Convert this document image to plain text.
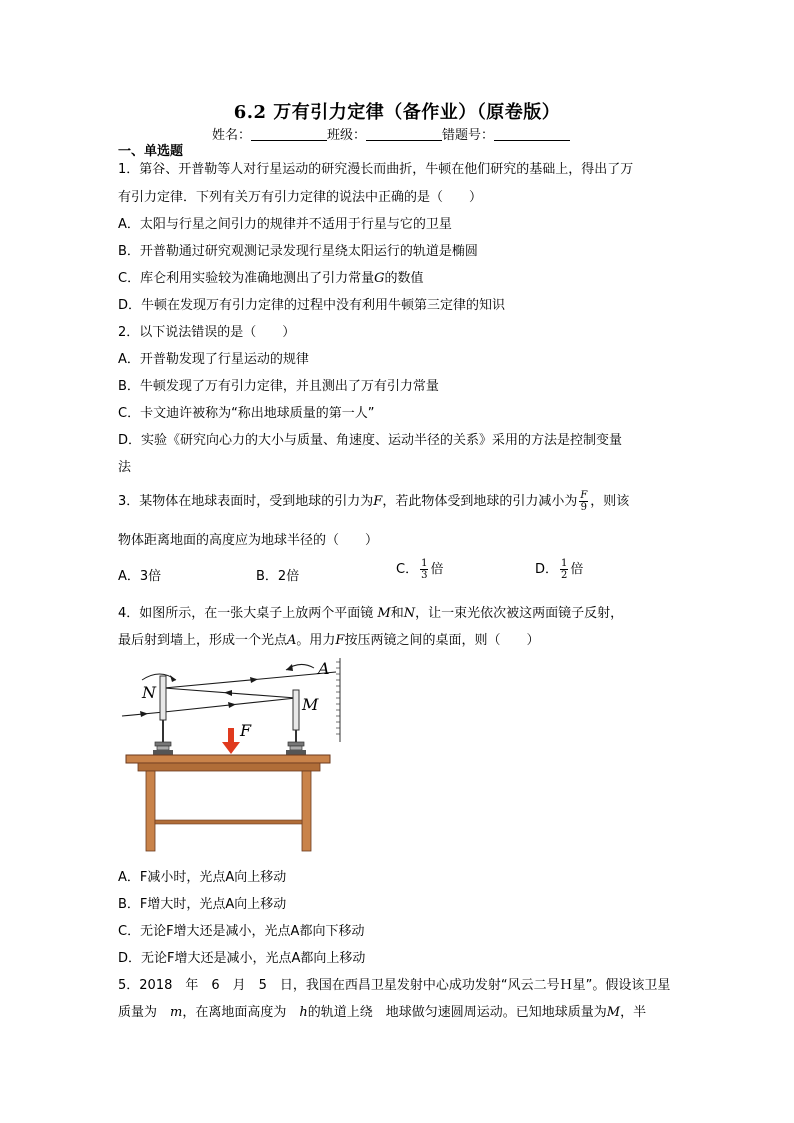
6.2 万有引力定律（备作业）（原卷版）
姓名：	班级：	错题号：
一、单选题
1．第谷、开普勒等人对行星运动的研究漫长而曲折，牛顿在他们研究的基础上，得出了万
有引力定律．下列有关万有引力定律的说法中正确的是（　　）
A．太阳与行星之间引力的规律并不适用于行星与它的卫星
B．开普勒通过研究观测记录发现行星绕太阳运行的轨道是椭圆
C．库仑利用实验较为准确地测出了引力常量G的数值
D．牛顿在发现万有引力定律的过程中没有利用牛顿第三定律的知识
2．以下说法错误的是（　　）
A．开普勒发现了行星运动的规律
B．牛顿发现了万有引力定律，并且测出了万有引力常量
C．卡文迪许被称为“称出地球质量的第一人”
D．实验《研究向心力的大小与质量、角速度、运动半径的关系》采用的方法是控制变量
法
3．某物体在地球表面时，受到地球的引力为F，若此物体受到地球的引力减小为 $\frac{F}{9}$ ，则该
物体距离地面的高度应为地球半径的（　　）
A．3倍	B．2倍	C． $\frac{1}{3}$ 倍	D． $\frac{1}{2}$ 倍
4．如图所示，在一张大桌子上放两个平面镜 M和N，让一束光依次被这两面镜子反射，
最后射到墙上，形成一个光点A。用力F按压两镜之间的桌面，则（　　）
A
N
M
F
A．F减小时，光点A向上移动
B．F增大时，光点A向上移动
C．无论F增大还是减小，光点A都向下移动
D．无论F增大还是减小，光点A都向上移动
5．2018　年　6　月　5　日，我国在西昌卫星发射中心成功发射“风云二号Ｈ星”。假设该卫星
质量为　m，在离地面高度为　h的轨道上绕　地球做匀速圆周运动。已知地球质量为M，半
